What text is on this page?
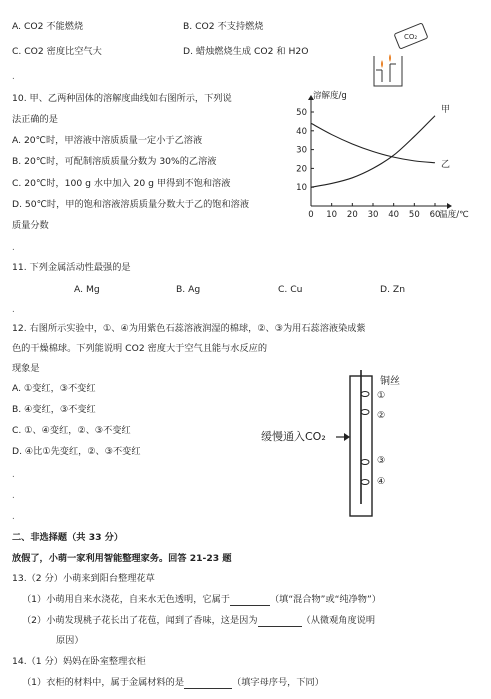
A. CO2 不能燃烧	B. CO2 不支持燃烧
C. CO2 密度比空气大	D. 蜡烛燃烧生成 CO2 和 H2O
CO₂
.
10. 甲、乙两种固体的溶解度曲线如右图所示，下列说
法正确的是
A. 20℃时，甲溶液中溶质质量一定小于乙溶液
B. 20℃时，可配制溶质质量分数为 30%的乙溶液
C. 20℃时，100 g 水中加入 20 g 甲得到不饱和溶液
D. 50℃时，甲的饱和溶液溶质质量分数大于乙的饱和溶液
质量分数
0 10 20 30 40 50 60
10
20
30
40
50
溶解度/g
温度/℃
甲
乙
.
11. 下列金属活动性最强的是
A. Mg	B. Ag	C. Cu	D. Zn
.
12. 右图所示实验中，①、④为用紫色石蕊溶液润湿的棉球，②、③为用石蕊溶液染成紫
色的干燥棉球。下列能说明 CO2 密度大于空气且能与水反应的
现象是
A. ①变红，③不变红
B. ④变红，③不变红
C. ①、④变红，②、③不变红
D. ④比①先变红，②、③不变红
.
.
.
铜丝
缓慢通入CO₂
①
②
③
④
二、非选择题（共 33 分）
放假了，小萌一家利用智能整理家务。回答 21-23 题
13.（2 分）小萌来到阳台整理花草
（1）小萌用自来水浇花，自来水无色透明，它属于	（填“混合物”或“纯净物”）
（2）小萌发现桃子花长出了花苞，闻到了香味，这是因为	（从微观角度说明
原因）
14.（1 分）妈妈在卧室整理衣柜
（1）衣柜的材料中，属于金属材料的是	（填字母序号，下同）
